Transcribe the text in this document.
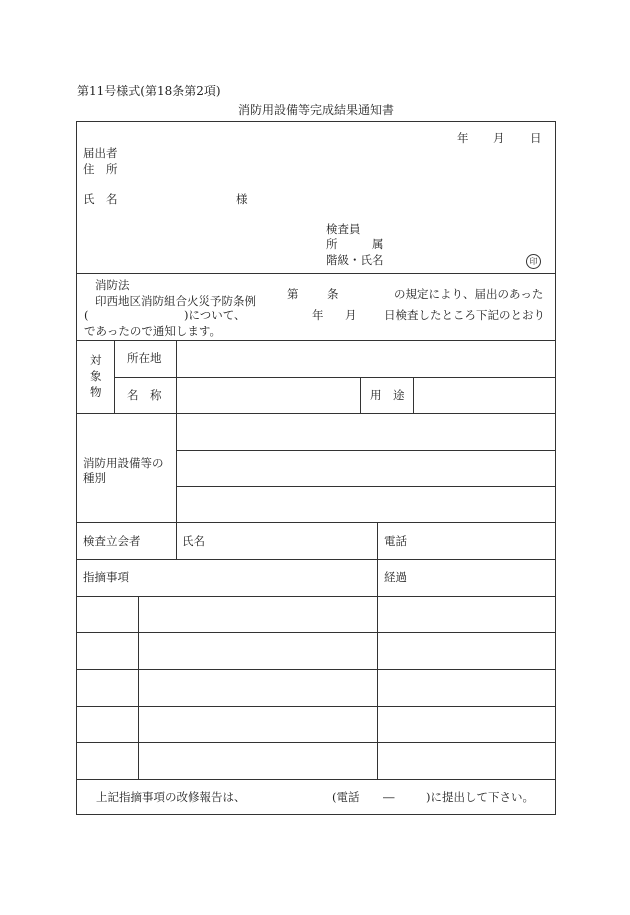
第11号様式(第18条第2項)
消防用設備等完成結果通知書
年 月 日
届出者
住　所
氏　名	様
検査員
所　　　属
階級・氏名	印
消防法
印西地区消防組合火災予防条例	第 条	の規定により、届出のあった
(	)について、	年 月 日検査したところ下記のとおり
であったので通知します。
対
象
物
所在地
名　称	用　途
消防用設備等の
種別
検査立会者	氏名	電話
指摘事項	経過
上記指摘事項の改修報告は、	(電話 ―	)に提出して下さい。
